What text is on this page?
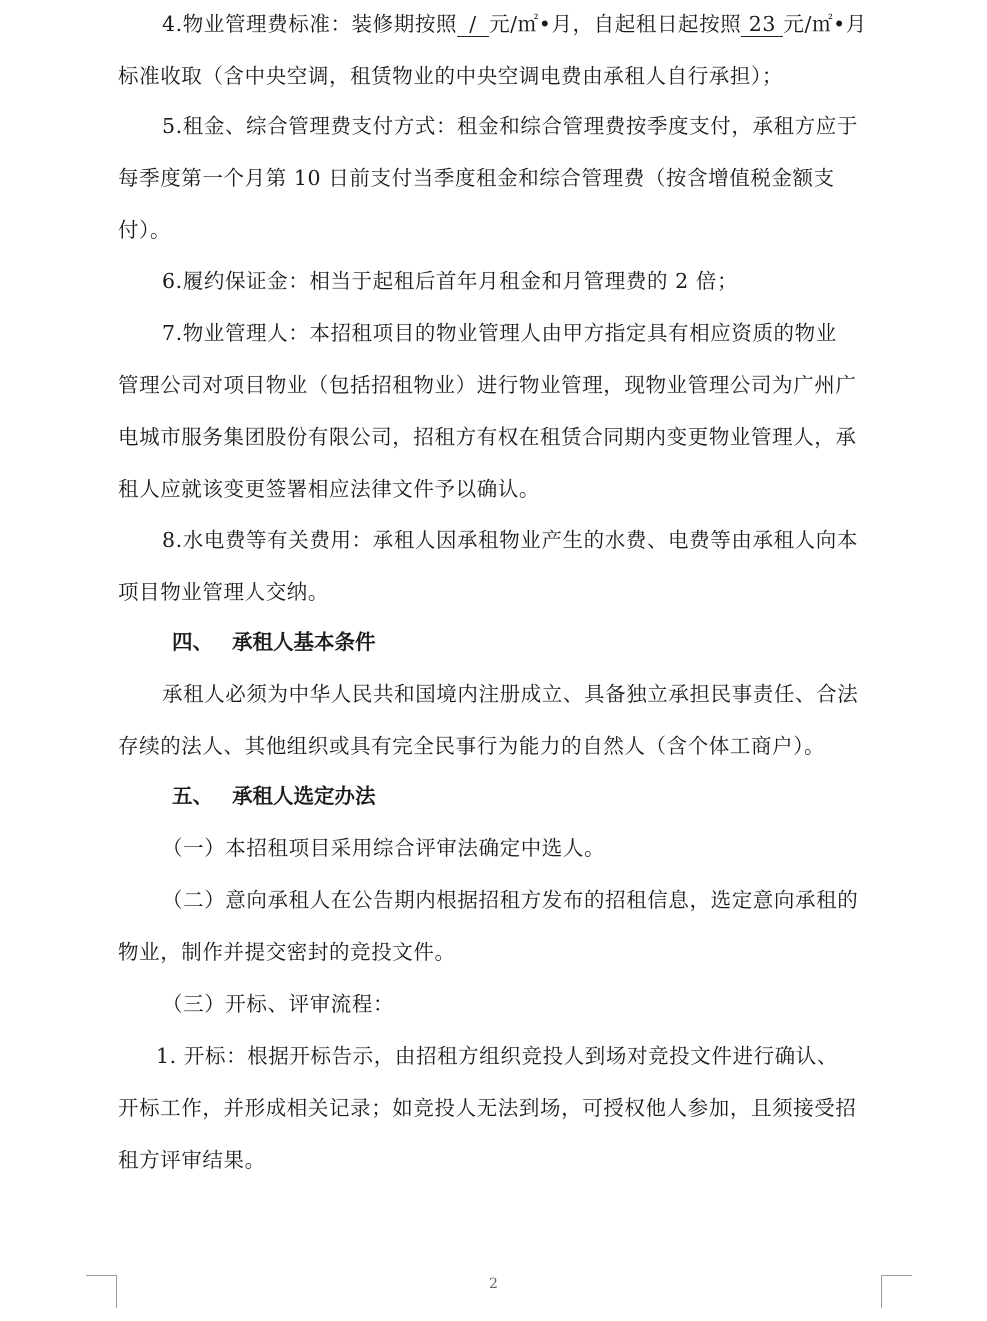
4.物业管理费标准：装修期按照 / 元/㎡•月，自起租日起按照 23 元/㎡•月
标准收取（含中央空调，租赁物业的中央空调电费由承租人自行承担）；
5.租金、综合管理费支付方式：租金和综合管理费按季度支付，承租方应于
每季度第一个月第 10 日前支付当季度租金和综合管理费（按含增值税金额支
付）。
6.履约保证金：相当于起租后首年月租金和月管理费的 2 倍；
7.物业管理人：本招租项目的物业管理人由甲方指定具有相应资质的物业
管理公司对项目物业（包括招租物业）进行物业管理，现物业管理公司为广州广
电城市服务集团股份有限公司，招租方有权在租赁合同期内变更物业管理人，承
租人应就该变更签署相应法律文件予以确认。
8.水电费等有关费用：承租人因承租物业产生的水费、电费等由承租人向本
项目物业管理人交纳。
四、 承租人基本条件
承租人必须为中华人民共和国境内注册成立、具备独立承担民事责任、合法
存续的法人、其他组织或具有完全民事行为能力的自然人（含个体工商户）。
五、 承租人选定办法
（一）本招租项目采用综合评审法确定中选人。
（二）意向承租人在公告期内根据招租方发布的招租信息，选定意向承租的
物业，制作并提交密封的竞投文件。
（三）开标、评审流程：
1. 开标：根据开标告示，由招租方组织竞投人到场对竞投文件进行确认、
开标工作，并形成相关记录；如竞投人无法到场，可授权他人参加，且须接受招
租方评审结果。
2
